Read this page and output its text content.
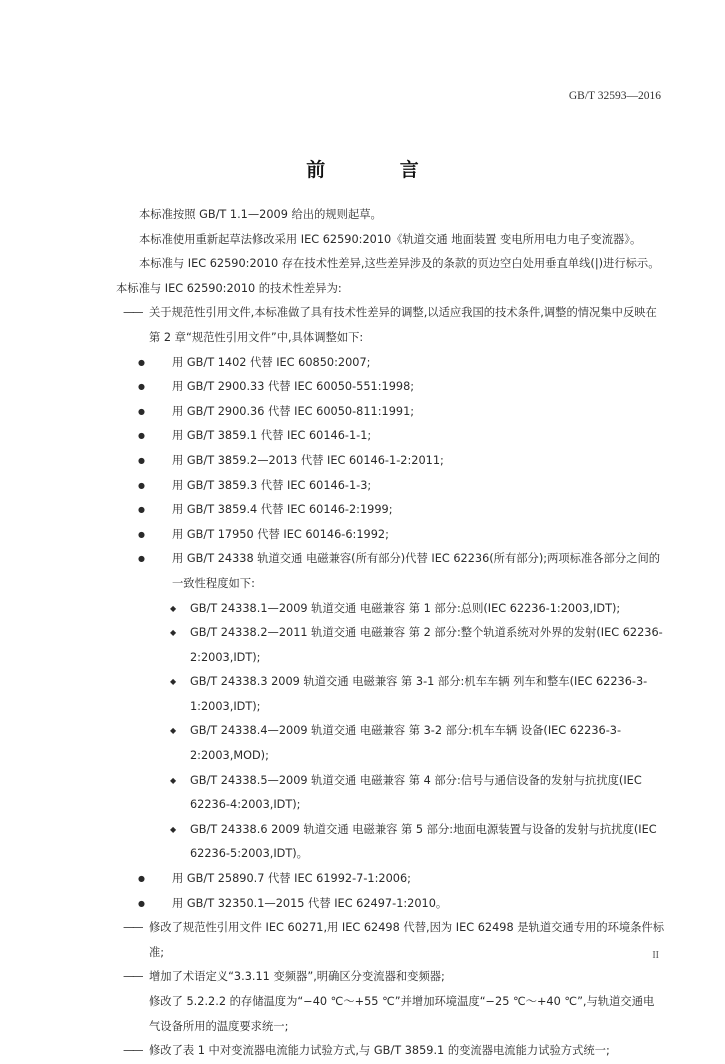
GB/T 32593—2016
前 言

本标准按照 GB/T 1.1—2009 给出的规则起草。

本标准使用重新起草法修改采用 IEC 62590:2010《轨道交通 地面装置 变电所用电力电子变流器》。

本标准与 IEC 62590:2010 存在技术性差异,这些差异涉及的条款的页边空白处用垂直单线(|)进行标示。本标准与 IEC 62590:2010 的技术性差异为:

—— 关于规范性引用文件,本标准做了具有技术性差异的调整,以适应我国的技术条件,调整的情况集中反映在第 2 章“规范性引用文件”中,具体调整如下:
●	用 GB/T 1402 代替 IEC 60850:2007;
●	用 GB/T 2900.33 代替 IEC 60050-551:1998;
●	用 GB/T 2900.36 代替 IEC 60050-811:1991;
●	用 GB/T 3859.1 代替 IEC 60146-1-1;
●	用 GB/T 3859.2—2013 代替 IEC 60146-1-2:2011;
●	用 GB/T 3859.3 代替 IEC 60146-1-3;
●	用 GB/T 3859.4 代替 IEC 60146-2:1999;
●	用 GB/T 17950 代替 IEC 60146-6:1992;
●	用 GB/T 24338 轨道交通 电磁兼容(所有部分)代替 IEC 62236(所有部分);两项标准各部分之间的一致性程度如下:
◆	GB/T 24338.1—2009 轨道交通 电磁兼容 第 1 部分:总则(IEC 62236-1:2003,IDT);
◆	GB/T 24338.2—2011 轨道交通 电磁兼容 第 2 部分:整个轨道系统对外界的发射(IEC 62236-2:2003,IDT);
◆	GB/T 24338.3 2009 轨道交通 电磁兼容 第 3-1 部分:机车车辆 列车和整车(IEC 62236-3-1:2003,IDT);
◆	GB/T 24338.4—2009 轨道交通 电磁兼容 第 3-2 部分:机车车辆 设备(IEC 62236-3-2:2003,MOD);
◆	GB/T 24338.5—2009 轨道交通 电磁兼容 第 4 部分:信号与通信设备的发射与抗扰度(IEC 62236-4:2003,IDT);
◆	GB/T 24338.6 2009 轨道交通 电磁兼容 第 5 部分:地面电源装置与设备的发射与抗扰度(IEC 62236-5:2003,IDT)。
●	用 GB/T 25890.7 代替 IEC 61992-7-1:2006;
●	用 GB/T 32350.1—2015 代替 IEC 62497-1:2010。
—— 修改了规范性引用文件 IEC 60271,用 IEC 62498 代替,因为 IEC 62498 是轨道交通专用的环境条件标准;
—— 增加了术语定义“3.3.11 变频器”,明确区分变流器和变频器;
修改了 5.2.2.2 的存储温度为“−40 ℃～+55 ℃”并增加环境温度“−25 ℃～+40 ℃”,与轨道交通电气设备所用的温度要求统一;
—— 修改了表 1 中对变流器电流能力试验方式,与 GB/T 3859.1 的变流器电流能力试验方式统一;
II
